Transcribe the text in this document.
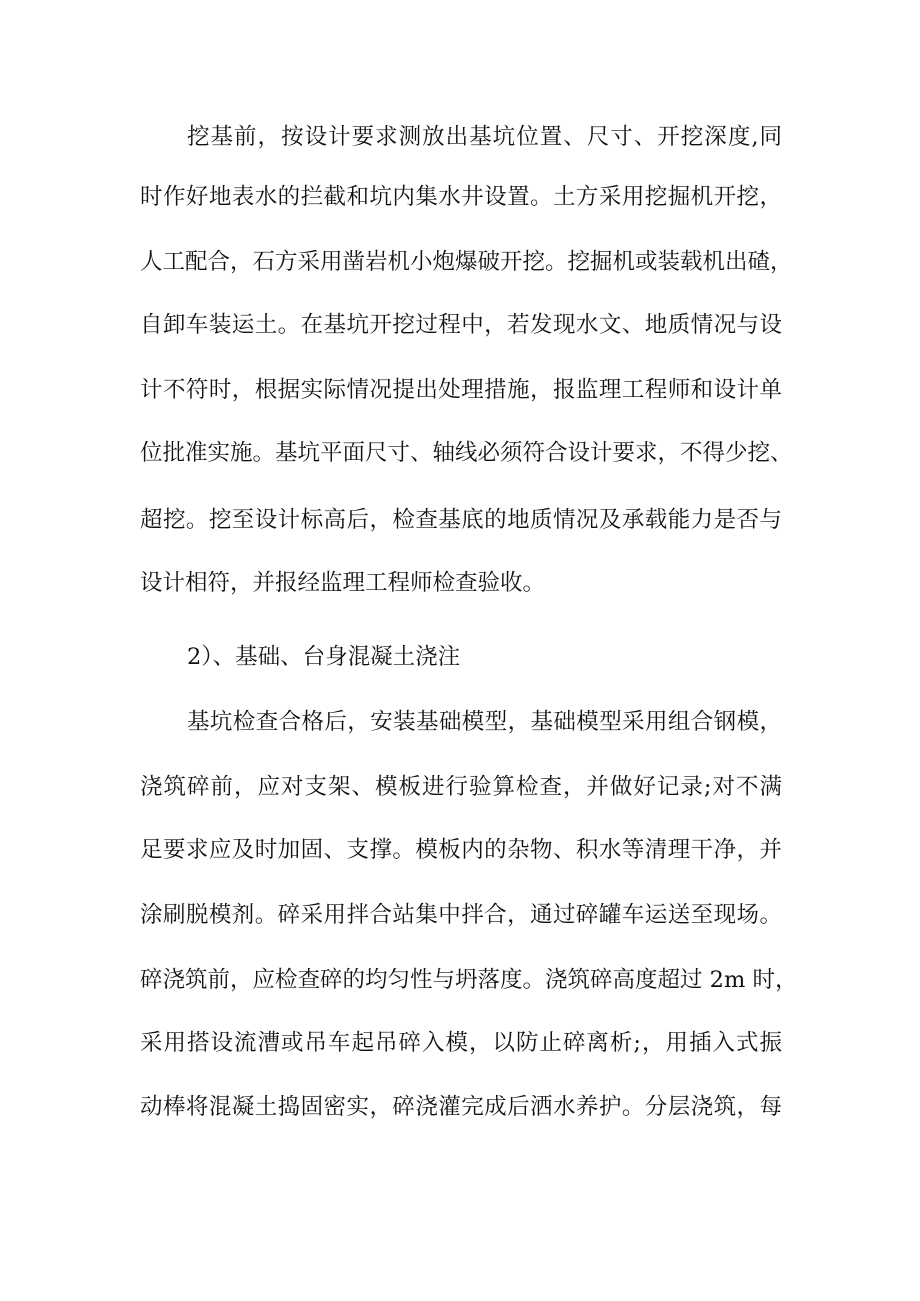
挖基前，按设计要求测放出基坑位置、尺寸、开挖深度,同
时作好地表水的拦截和坑内集水井设置。土方采用挖掘机开挖，
人工配合，石方采用凿岩机小炮爆破开挖。挖掘机或装载机出碴，
自卸车装运土。在基坑开挖过程中，若发现水文、地质情况与设
计不符时，根据实际情况提出处理措施，报监理工程师和设计单
位批准实施。基坑平面尺寸、轴线必须符合设计要求，不得少挖、
超挖。挖至设计标高后，检查基底的地质情况及承载能力是否与
设计相符，并报经监理工程师检查验收。
2）、基础、台身混凝土浇注
基坑检查合格后，安装基础模型，基础模型采用组合钢模，
浇筑碎前，应对支架、模板进行验算检查，并做好记录;对不满
足要求应及时加固、支撑。模板内的杂物、积水等清理干净，并
涂刷脱模剂。碎采用拌合站集中拌合，通过碎罐车运送至现场。
碎浇筑前，应检查碎的均匀性与坍落度。浇筑碎高度超过 2m 时，
采用搭设流漕或吊车起吊碎入模，以防止碎离析;，用插入式振
动棒将混凝土捣固密实，碎浇灌完成后洒水养护。分层浇筑，每
